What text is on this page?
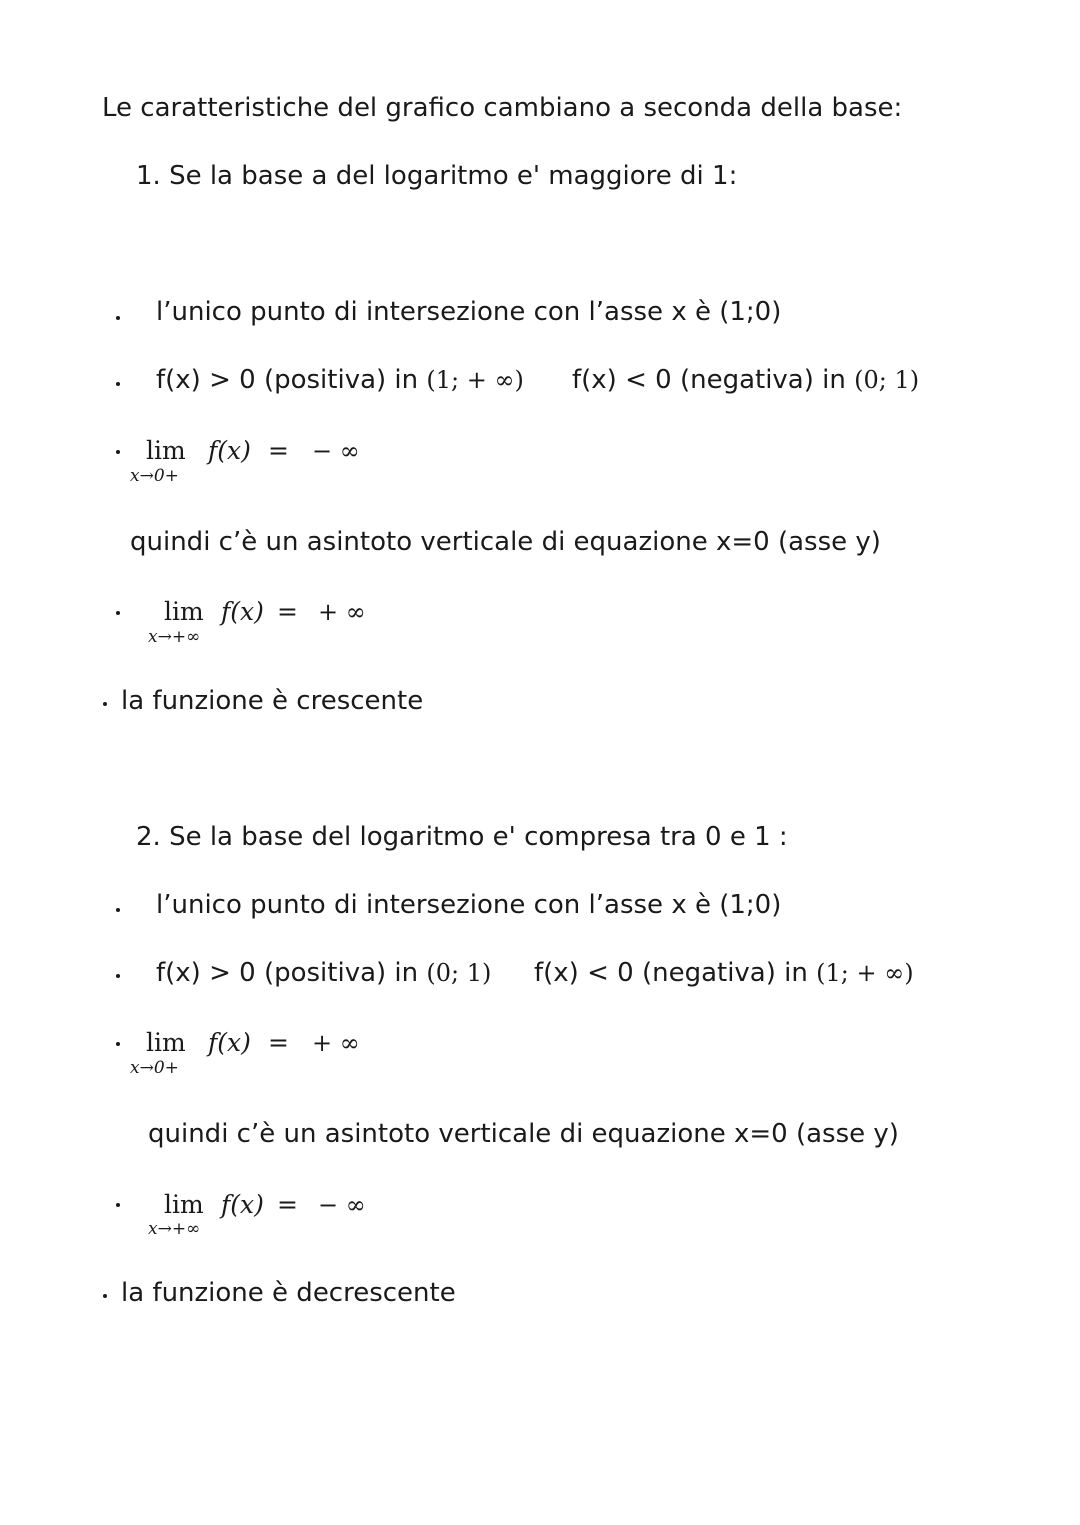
Le caratteristiche del grafico cambiano a seconda della base:
1. Se la base a del logaritmo e' maggiore di 1:
l’unico punto di intersezione con l’asse x è (1;0)
f(x) > 0 (positiva) in (1; + ∞) f(x) < 0 (negativa) in (0; 1)
lim
x→0+
f(x) = − ∞
quindi c’è un asintoto verticale di equazione x=0 (asse y)
lim
x→+∞
f(x) = + ∞
la funzione è crescente
2. Se la base del logaritmo e' compresa tra 0 e 1 :
l’unico punto di intersezione con l’asse x è (1;0)
f(x) > 0 (positiva) in (0; 1) f(x) < 0 (negativa) in (1; + ∞)
lim
x→0+
f(x) = + ∞
quindi c’è un asintoto verticale di equazione x=0 (asse y)
lim
x→+∞
f(x) = − ∞
la funzione è decrescente
